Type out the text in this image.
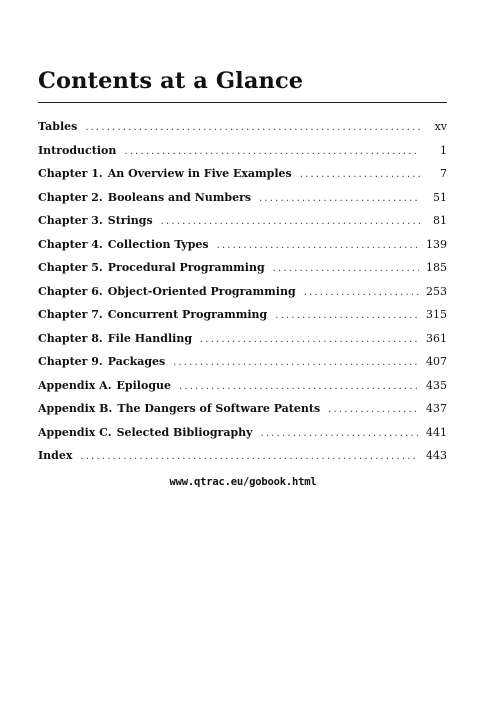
Contents at a Glance
Tables . . .	xv
Introduction . . .	1
Chapter 1. An Overview in Five Examples . . .	7
Chapter 2. Booleans and Numbers . . .	51
Chapter 3. Strings . . .	81
Chapter 4. Collection Types . . .	139
Chapter 5. Procedural Programming . . .	185
Chapter 6. Object-Oriented Programming . . .	253
Chapter 7. Concurrent Programming . . .	315
Chapter 8. File Handling . . .	361
Chapter 9. Packages . . .	407
Appendix A. Epilogue . . .	435
Appendix B. The Dangers of Software Patents . . .	437
Appendix C. Selected Bibliography . . .	441
Index . . .	443
www.qtrac.eu/gobook.html
